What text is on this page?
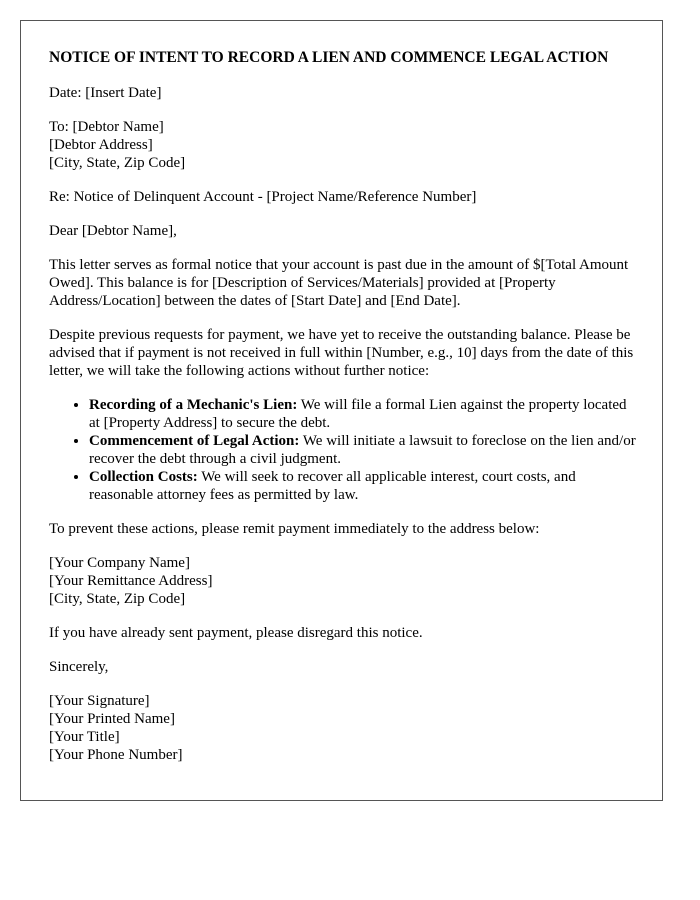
NOTICE OF INTENT TO RECORD A LIEN AND COMMENCE LEGAL ACTION

Date: [Insert Date]

To: [Debtor Name]
[Debtor Address]
[City, State, Zip Code]

Re: Notice of Delinquent Account - [Project Name/Reference Number]

Dear [Debtor Name],

This letter serves as formal notice that your account is past due in the amount of $[Total Amount Owed]. This balance is for [Description of Services/Materials] provided at [Property Address/Location] between the dates of [Start Date] and [End Date].

Despite previous requests for payment, we have yet to receive the outstanding balance. Please be advised that if payment is not received in full within [Number, e.g., 10] days from the date of this letter, we will take the following actions without further notice:

• Recording of a Mechanic's Lien: We will file a formal Lien against the property located at [Property Address] to secure the debt.
• Commencement of Legal Action: We will initiate a lawsuit to foreclose on the lien and/or recover the debt through a civil judgment.
• Collection Costs: We will seek to recover all applicable interest, court costs, and reasonable attorney fees as permitted by law.

To prevent these actions, please remit payment immediately to the address below:

[Your Company Name]
[Your Remittance Address]
[City, State, Zip Code]

If you have already sent payment, please disregard this notice.

Sincerely,

[Your Signature]
[Your Printed Name]
[Your Title]
[Your Phone Number]
